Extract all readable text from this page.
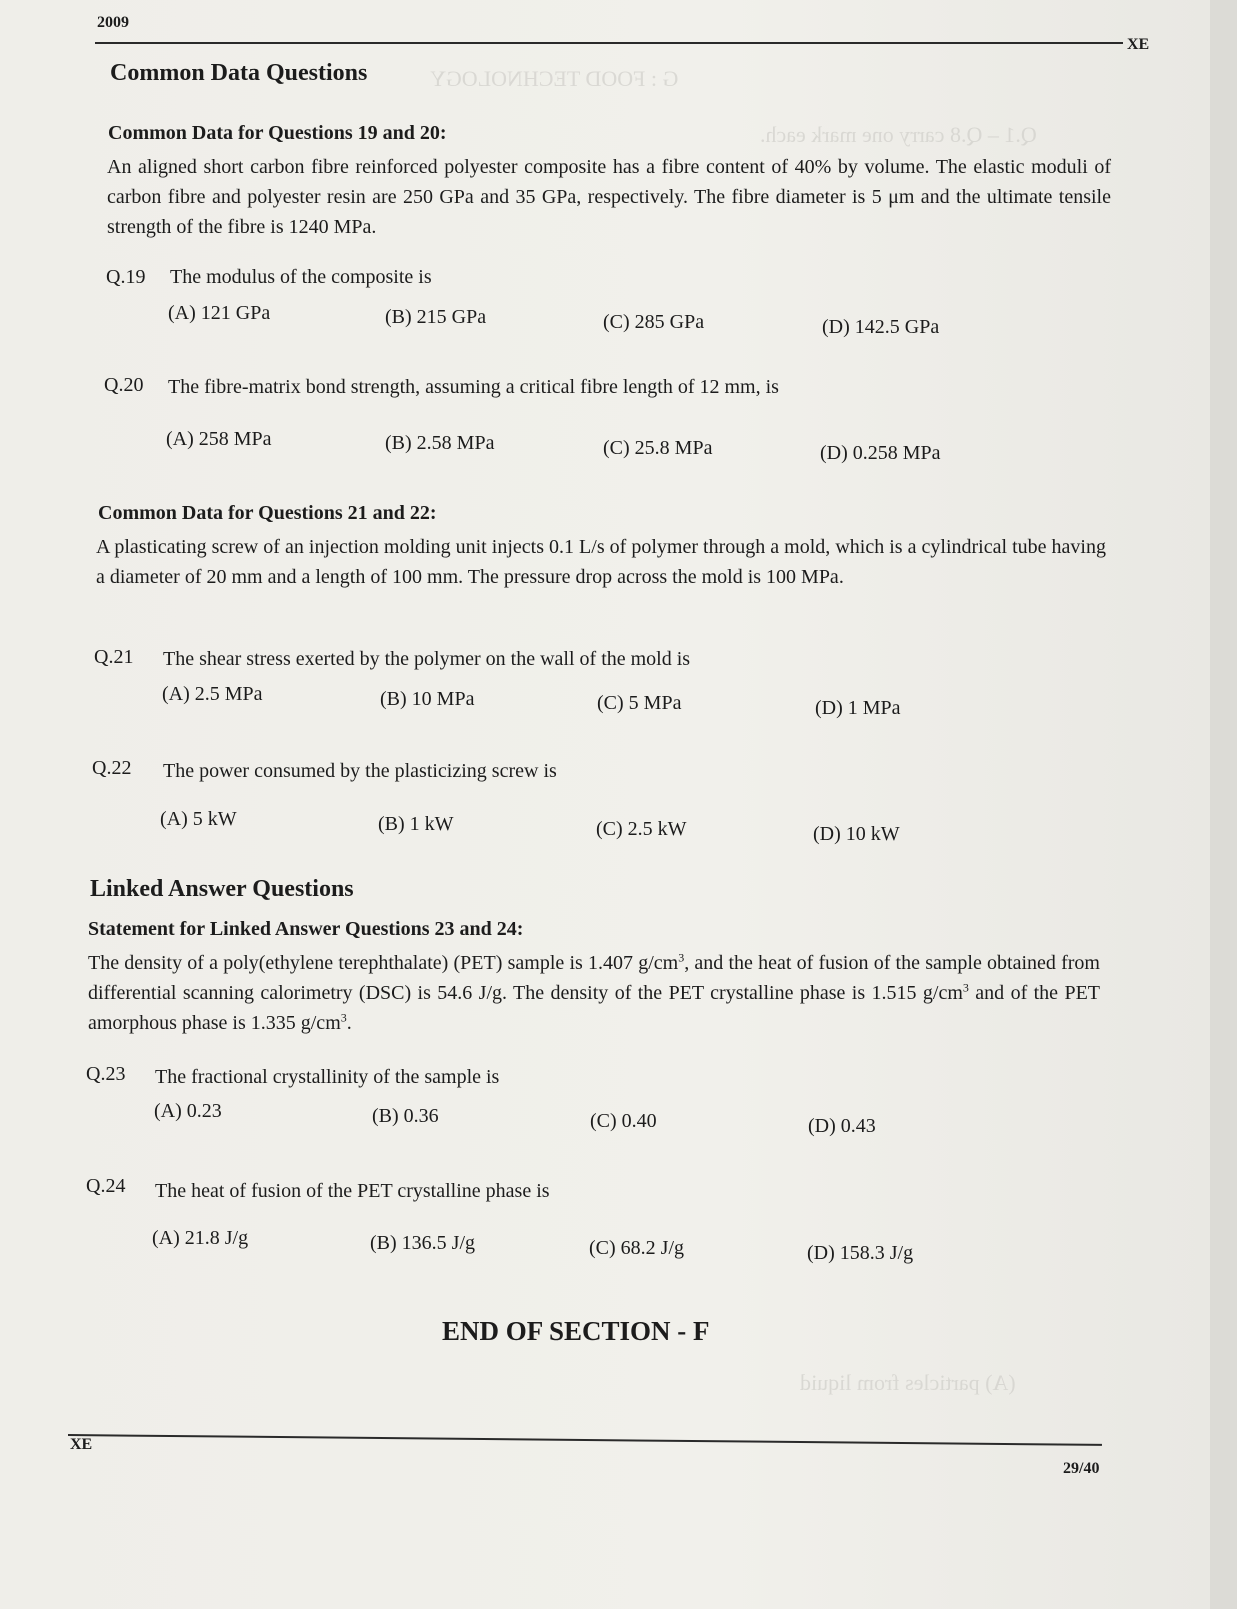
G : FOOD TECHNOLOGY
Q.1 – Q.8 carry one mark each.
(A) particles from liquid
2009
XE
Common Data Questions
Common Data for Questions 19 and 20:
An aligned short carbon fibre reinforced polyester composite has a fibre content of 40% by volume. The elastic moduli of carbon fibre and polyester resin are 250 GPa and 35 GPa, respectively. The fibre diameter is 5 μm and the ultimate tensile strength of the fibre is 1240 MPa.
Q.19 The modulus of the composite is
(A) 121 GPa	(B) 215 GPa	(C) 285 GPa	(D) 142.5 GPa
Q.20 The fibre-matrix bond strength, assuming a critical fibre length of 12 mm, is
(A) 258 MPa	(B) 2.58 MPa	(C) 25.8 MPa	(D) 0.258 MPa
Common Data for Questions 21 and 22:
A plasticating screw of an injection molding unit injects 0.1 L/s of polymer through a mold, which is a cylindrical tube having a diameter of 20 mm and a length of 100 mm. The pressure drop across the mold is 100 MPa.
Q.21 The shear stress exerted by the polymer on the wall of the mold is
(A) 2.5 MPa	(B) 10 MPa	(C) 5 MPa	(D) 1 MPa
Q.22 The power consumed by the plasticizing screw is
(A) 5 kW	(B) 1 kW	(C) 2.5 kW	(D) 10 kW
Linked Answer Questions
Statement for Linked Answer Questions 23 and 24:
The density of a poly(ethylene terephthalate) (PET) sample is 1.407 $g/cm^3$, and the heat of fusion of the sample obtained from differential scanning calorimetry (DSC) is 54.6 J/g. The density of the PET crystalline phase is 1.515 $g/cm^3$ and of the PET amorphous phase is 1.335 $g/cm^3$.
Q.23 The fractional crystallinity of the sample is
(A) 0.23	(B) 0.36	(C) 0.40	(D) 0.43
Q.24 The heat of fusion of the PET crystalline phase is
(A) 21.8 J/g	(B) 136.5 J/g	(C) 68.2 J/g	(D) 158.3 J/g
END OF SECTION - F
XE
29/40
